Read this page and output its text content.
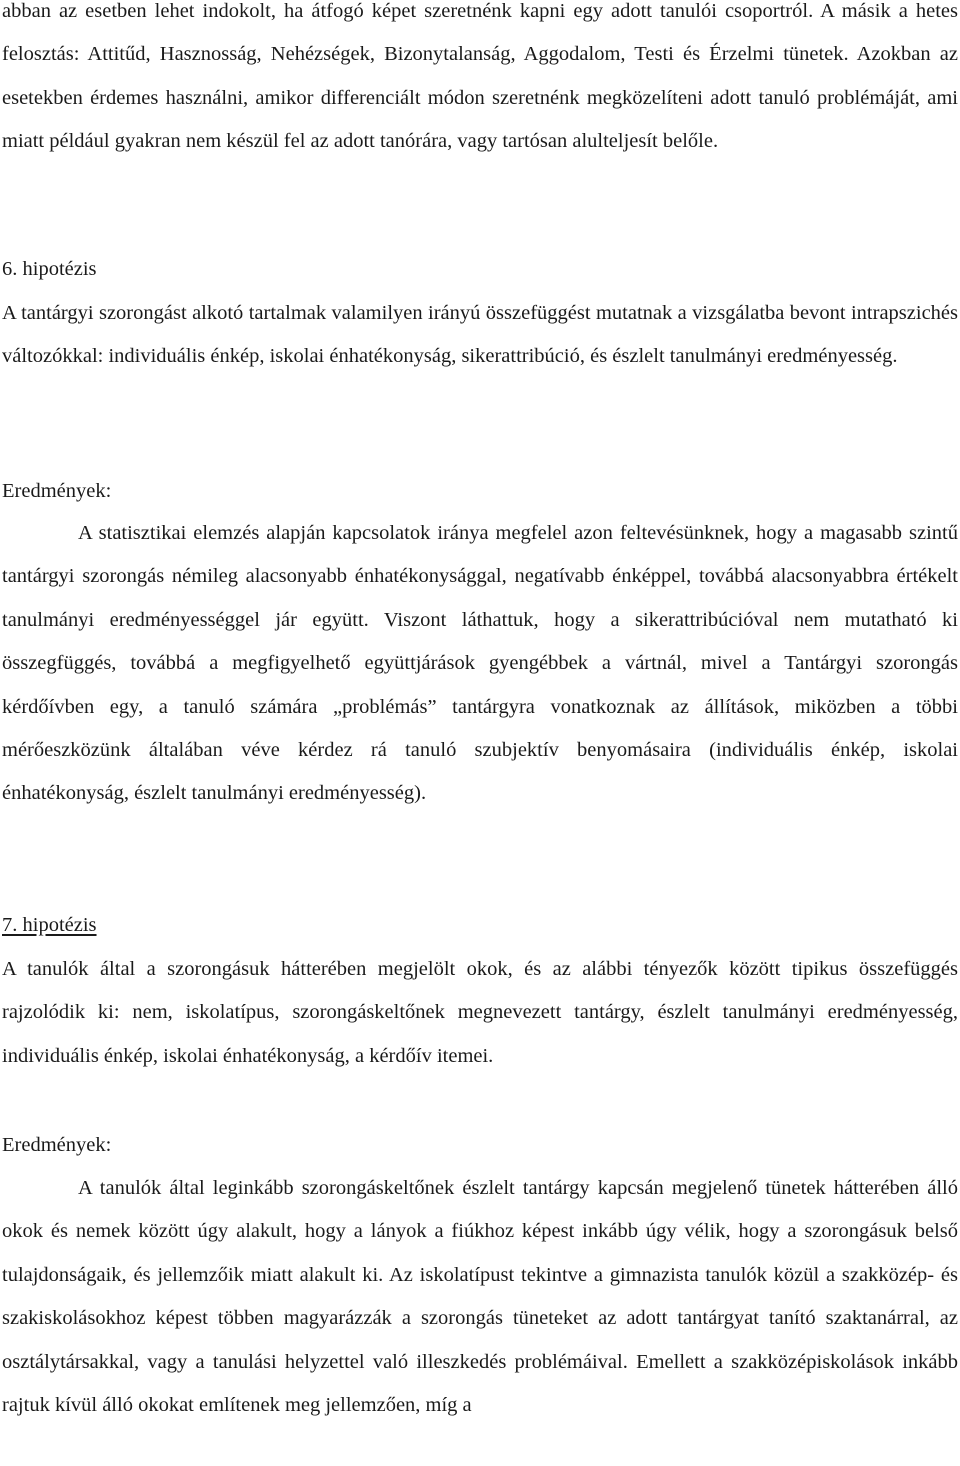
abban az esetben lehet indokolt, ha átfogó képet szeretnénk kapni egy adott tanulói csoportról. A másik a hetes felosztás: Attitűd, Hasznosság, Nehézségek, Bizonytalanság, Aggodalom, Testi és Érzelmi tünetek. Azokban az esetekben érdemes használni, amikor differenciált módon szeretnénk megközelíteni adott tanuló problémáját, ami miatt például gyakran nem készül fel az adott tanórára, vagy tartósan alulteljesít belőle.

6. hipotézis

A tantárgyi szorongást alkotó tartalmak valamilyen irányú összefüggést mutatnak a vizsgálatba bevont intrapszichés változókkal: individuális énkép, iskolai énhatékonyság, sikerattribúció, és észlelt tanulmányi eredményesség.

Eredmények:

A statisztikai elemzés alapján kapcsolatok iránya megfelel azon feltevésünknek, hogy a magasabb szintű tantárgyi szorongás némileg alacsonyabb énhatékonysággal, negatívabb énképpel, továbbá alacsonyabbra értékelt tanulmányi eredményességgel jár együtt. Viszont láthattuk, hogy a sikerattribúcióval nem mutatható ki összegfüggés, továbbá a megfigyelhető együttjárások gyengébbek a vártnál, mivel a Tantárgyi szorongás kérdőívben egy, a tanuló számára „problémás” tantárgyra vonatkoznak az állítások, miközben a többi mérőeszközünk általában véve kérdez rá tanuló szubjektív benyomásaira (individuális énkép, iskolai énhatékonyság, észlelt tanulmányi eredményesség).

7. hipotézis

A tanulók által a szorongásuk hátterében megjelölt okok, és az alábbi tényezők között tipikus összefüggés rajzolódik ki: nem, iskolatípus, szorongáskeltőnek megnevezett tantárgy, észlelt tanulmányi eredményesség, individuális énkép, iskolai énhatékonyság, a kérdőív itemei.

Eredmények:

A tanulók által leginkább szorongáskeltőnek észlelt tantárgy kapcsán megjelenő tünetek hátterében álló okok és nemek között úgy alakult, hogy a lányok a fiúkhoz képest inkább úgy vélik, hogy a szorongásuk belső tulajdonságaik, és jellemzőik miatt alakult ki. Az iskolatípust tekintve a gimnazista tanulók közül a szakközép- és szakiskolásokhoz képest többen magyarázzák a szorongás tüneteket az adott tantárgyat tanító szaktanárral, az osztálytársakkal, vagy a tanulási helyzettel való illeszkedés problémáival. Emellett a szakközépiskolások inkább rajtuk kívül álló okokat említenek meg jellemzően, míg a
